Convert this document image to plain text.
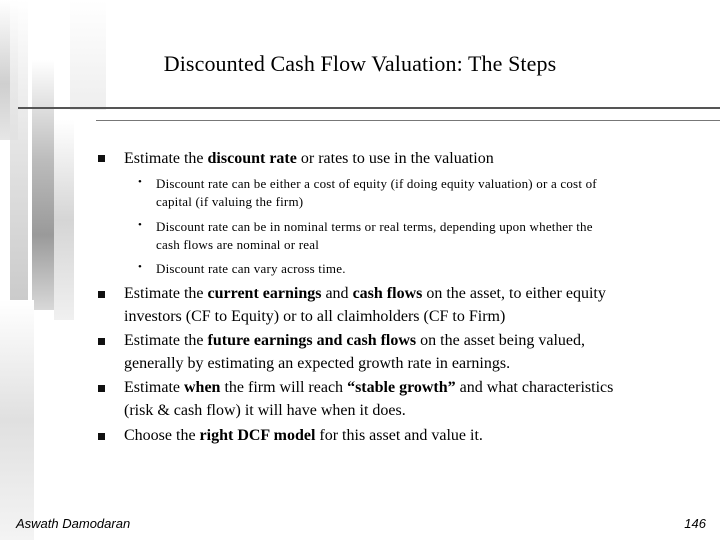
Discounted Cash Flow Valuation: The Steps
Estimate the discount rate or rates to use in the valuation
• Discount rate can be either a cost of equity (if doing equity valuation) or a cost of
capital (if valuing the firm)
• Discount rate can be in nominal terms or real terms, depending upon whether the
cash flows are nominal or real
• Discount rate can vary across time.
Estimate the current earnings and cash flows on the asset, to either equity
investors (CF to Equity) or to all claimholders (CF to Firm)
Estimate the future earnings and cash flows on the asset being valued,
generally by estimating an expected growth rate in earnings.
Estimate when the firm will reach “stable growth” and what characteristics
(risk & cash flow) it will have when it does.
Choose the right DCF model for this asset and value it.
Aswath Damodaran	146
